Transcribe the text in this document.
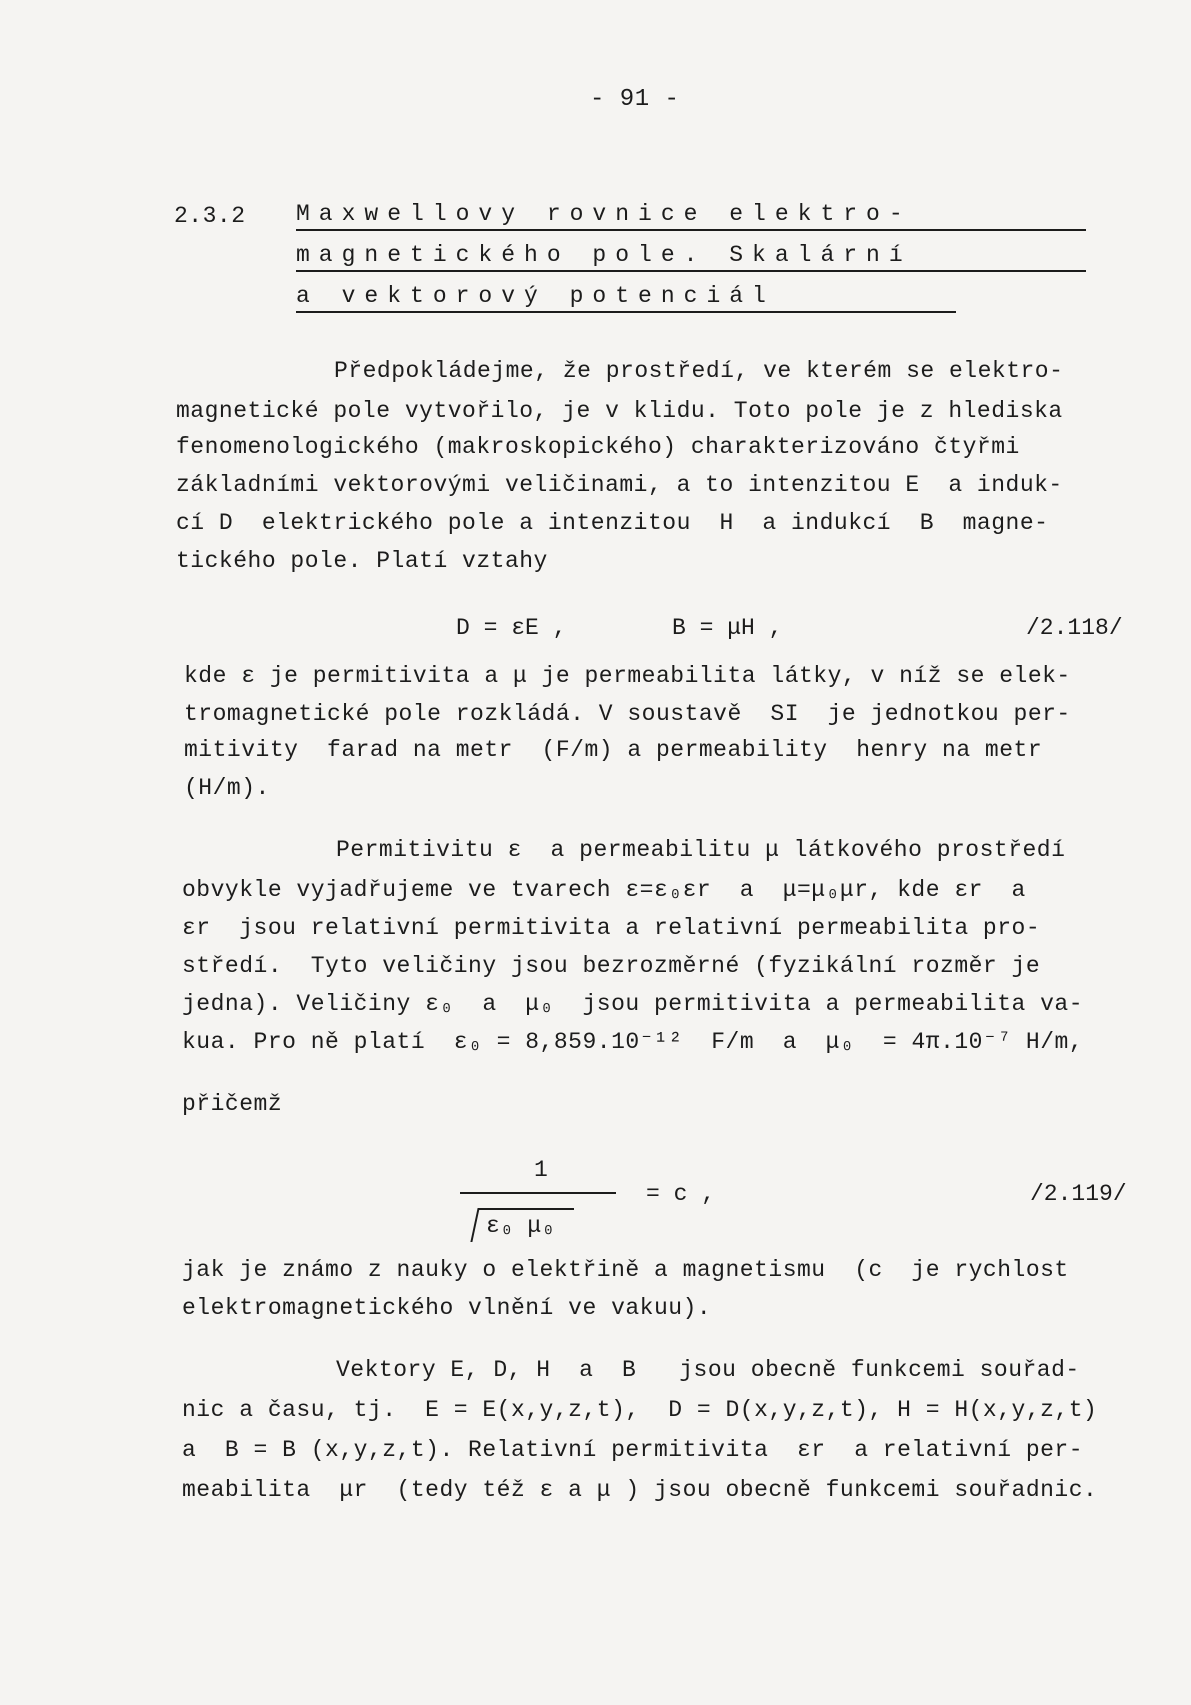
- 91 -
2.3.2 Maxwellovy rovnice elektro-
magnetického pole. Skalární
a vektorový potenciál
Předpokládejme, že prostředí, ve kterém se elektro-
magnetické pole vytvořilo, je v klidu. Toto pole je z hlediska
fenomenologického (makroskopického) charakterizováno čtyřmi
základními vektorovými veličinami, a to intenzitou E  a induk-
cí D  elektrického pole a intenzitou  H  a indukcí  B  magne-
tického pole. Platí vztahy
D = εE ,	B = μH ,	/2.118/
kde ε je permitivita a μ je permeabilita látky, v níž se elek-
tromagnetické pole rozkládá. V soustavě  SI  je jednotkou per-
mitivity  farad na metr  (F/m) a permeability  henry na metr
(H/m).
Permitivitu ε  a permeabilitu μ látkového prostředí
obvykle vyjadřujeme ve tvarech ε=ε₀εr  a  μ=μ₀μr, kde εr  a
εr  jsou relativní permitivita a relativní permeabilita pro-
středí.  Tyto veličiny jsou bezrozměrné (fyzikální rozměr je
jedna). Veličiny ε₀  a  μ₀  jsou permitivita a permeabilita va-
kua. Pro ně platí  ε₀ = 8,859.10⁻¹²  F/m  a  μ₀  = 4π.10⁻⁷ H/m,
přičemž
1
ε₀ μ₀
= c ,	/2.119/
jak je známo z nauky o elektřině a magnetismu  (c  je rychlost
elektromagnetického vlnění ve vakuu).
Vektory E, D, H  a  B   jsou obecně funkcemi souřad-
nic a času, tj.  E = E(x,y,z,t),  D = D(x,y,z,t), H = H(x,y,z,t)
a  B = B (x,y,z,t). Relativní permitivita  εr  a relativní per-
meabilita  μr  (tedy též ε a μ ) jsou obecně funkcemi souřadnic.
